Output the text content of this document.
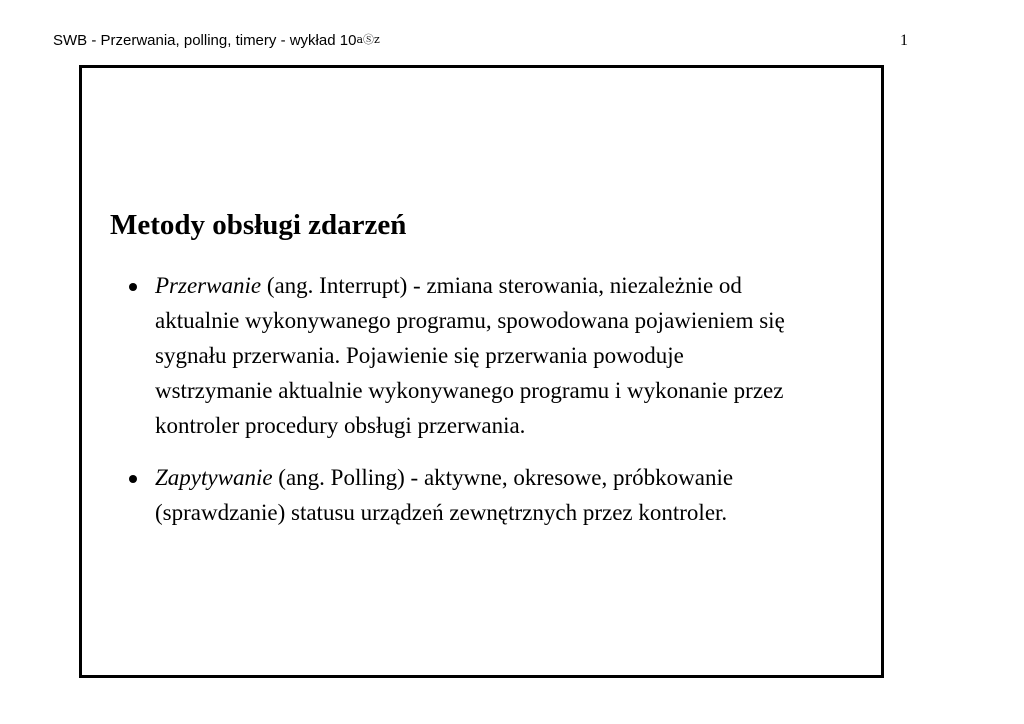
SWB - Przerwania, polling, timery - wykład $10^{aⓈz}$	1
Metody obsługi zdarzeń
Przerwanie (ang. Interrupt) - zmiana sterowania, niezależnie od
aktualnie wykonywanego programu, spowodowana pojawieniem się
sygnału przerwania. Pojawienie się przerwania powoduje
wstrzymanie aktualnie wykonywanego programu i wykonanie przez
kontroler procedury obsługi przerwania.
Zapytywanie (ang. Polling) - aktywne, okresowe, próbkowanie
(sprawdzanie) statusu urządzeń zewnętrznych przez kontroler.
